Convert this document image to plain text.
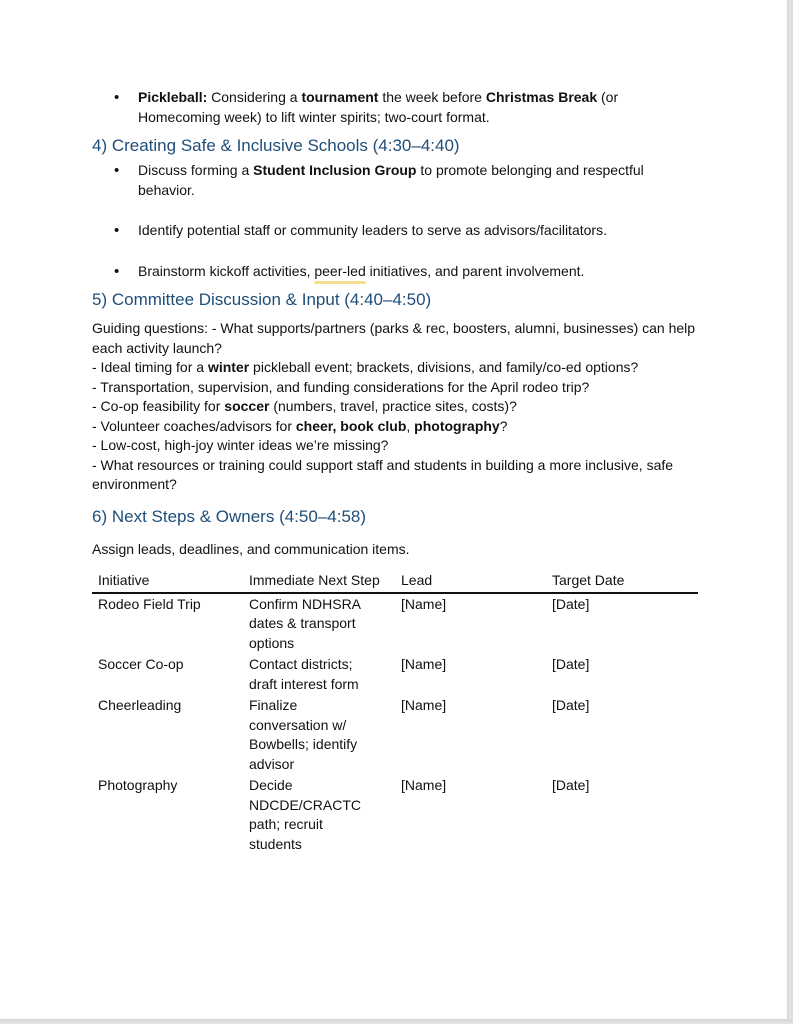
• Pickleball: Considering a tournament the week before Christmas Break (or Homecoming week) to lift winter spirits; two-court format.
4) Creating Safe & Inclusive Schools (4:30–4:40)
• Discuss forming a Student Inclusion Group to promote belonging and respectful behavior.
• Identify potential staff or community leaders to serve as advisors/facilitators.
• Brainstorm kickoff activities, peer-led initiatives, and parent involvement.
5) Committee Discussion & Input (4:40–4:50)

Guiding questions: - What supports/partners (parks & rec, boosters, alumni, businesses) can help each activity launch?

- Ideal timing for a winter pickleball event; brackets, divisions, and family/co-ed options?

- Transportation, supervision, and funding considerations for the April rodeo trip?

- Co-op feasibility for soccer (numbers, travel, practice sites, costs)?

- Volunteer coaches/advisors for cheer, book club, photography?

- Low-cost, high-joy winter ideas we’re missing?

- What resources or training could support staff and students in building a more inclusive, safe environment?

6) Next Steps & Owners (4:50–4:58)

Assign leads, deadlines, and communication items.

Initiative	Immediate Next Step	Lead	Target Date
Rodeo Field Trip	Confirm NDHSRA dates & transport options	[Name]	[Date]
Soccer Co-op	Contact districts; draft interest form	[Name]	[Date]
Cheerleading	Finalize conversation w/ Bowbells; identify advisor	[Name]	[Date]
Photography	Decide NDCDE/CRACTC path; recruit students	[Name]	[Date]
